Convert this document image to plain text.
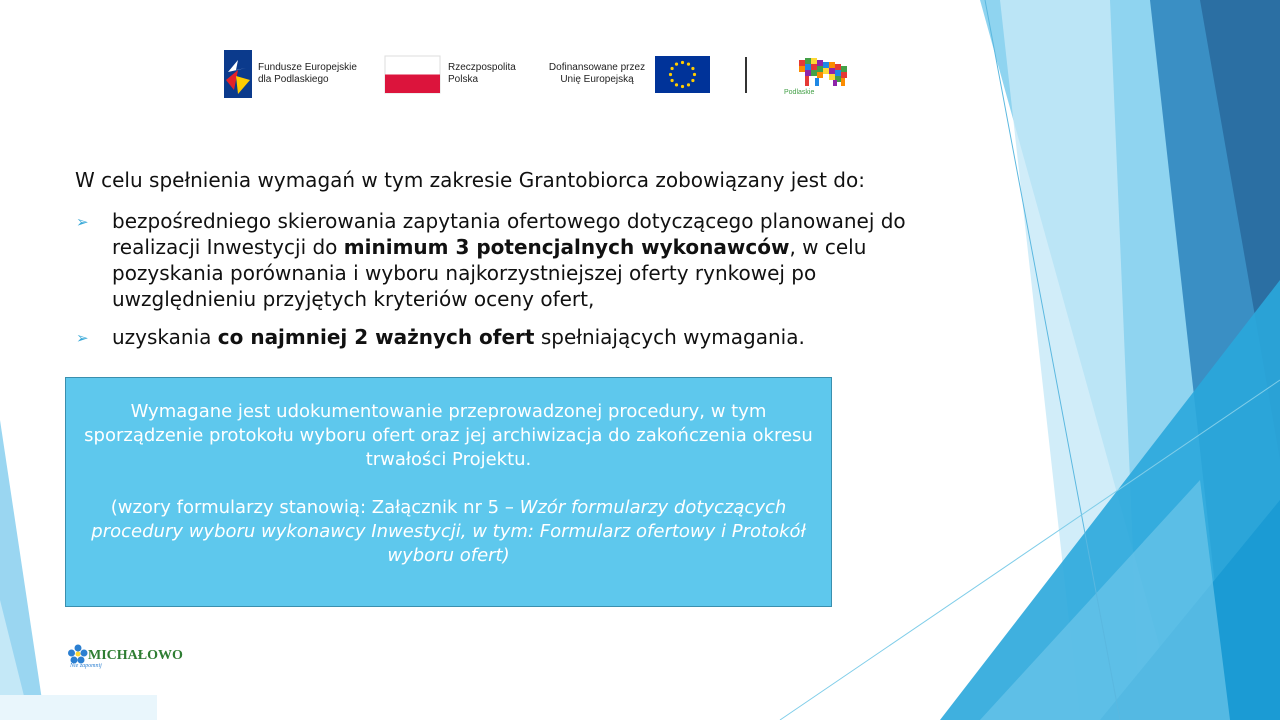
Fundusze Europejskie
dla Podlaskiego
Rzeczpospolita
Polska
Dofinansowane przez
Unię Europejską
Podlaskie
W celu spełnienia wymagań w tym zakresie Grantobiorca zobowiązany jest do:
➢ bezpośredniego skierowania zapytania ofertowego dotyczącego planowanej do realizacji Inwestycji do minimum 3 potencjalnych wykonawców, w celu pozyskania porównania i wyboru najkorzystniejszej oferty rynkowej po uwzględnieniu przyjętych kryteriów oceny ofert,
➢ uzyskania co najmniej 2 ważnych ofert spełniających wymagania.

Wymagane jest udokumentowanie przeprowadzonej procedury, w tym sporządzenie protokołu wyboru ofert oraz jej archiwizacja do zakończenia okresu trwałości Projektu.

(wzory formularzy stanowią: Załącznik nr 5 – Wzór formularzy dotyczących procedury wyboru wykonawcy Inwestycji, w tym: Formularz ofertowy i Protokół wyboru ofert)

MICHAŁOWO
Nie zapomnij
